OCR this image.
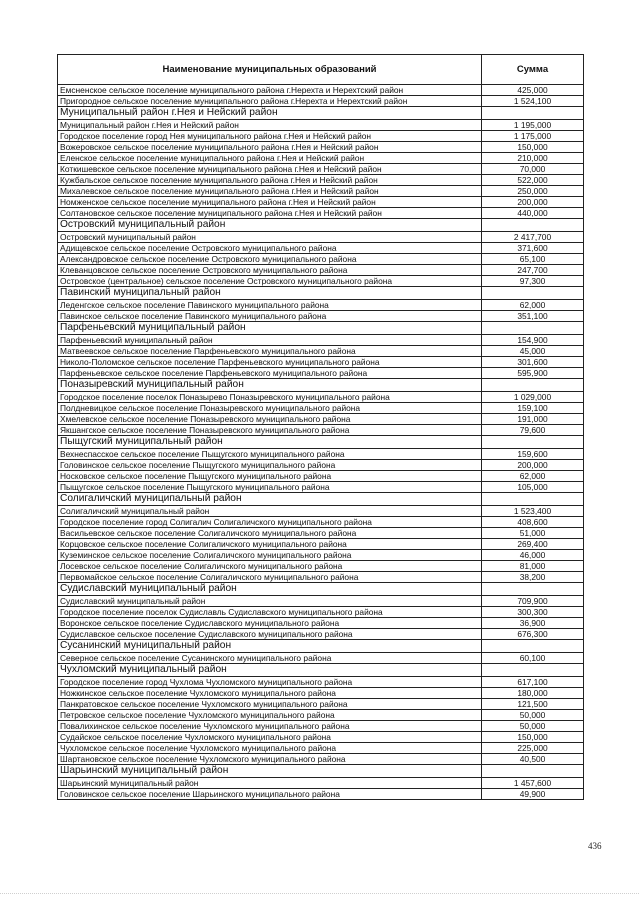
Наименование муниципальных образований	Сумма
Емсненское сельское поселение муниципального района г.Нерехта и Нерехтский район	425,000
Пригородное сельское поселение муниципального района г.Нерехта и Нерехтский район	1 524,100
Муниципальный район г.Нея и Нейский район	
Муниципальный район г.Нея и Нейский район	1 195,000
Городское поселение город Нея муниципального района г.Нея и Нейский район	1 175,000
Вожеровское сельское поселение муниципального района г.Нея и Нейский район	150,000
Еленское сельское поселение муниципального района г.Нея и Нейский район	210,000
Коткишевское сельское поселение муниципального района г.Нея и Нейский район	70,000
Кужбальское сельское поселение муниципального района г.Нея и Нейский район	522,000
Михалевское сельское поселение муниципального района г.Нея и Нейский район	250,000
Номженское сельское поселение муниципального района г.Нея и Нейский район	200,000
Солтановское сельское поселение муниципального района г.Нея и Нейский район	440,000
Островский муниципальный район	
Островский муниципальный район	2 417,700
Адищевское сельское поселение Островского муниципального района	371,600
Александровское сельское поселение Островского муниципального района	65,100
Клеванцовское сельское поселение Островского муниципального района	247,700
Островское (центральное) сельское поселение Островского муниципального района	97,300
Павинский муниципальный район	
Леденгское сельское поселение Павинского муниципального района	62,000
Павинское сельское поселение Павинского муниципального района	351,100
Парфеньевский муниципальный район	
Парфеньевский муниципальный район	154,900
Матвеевское сельское поселение Парфеньевского муниципального района	45,000
Николо-Поломское сельское поселение Парфеньевского муниципального района	301,600
Парфеньевское сельское поселение Парфеньевского муниципального района	595,900
Поназыревский муниципальный район	
Городское поселение поселок Поназырево Поназыревского муниципального района	1 029,000
Полдневицкое сельское поселение Поназыревского муниципального района	159,100
Хмелевское сельское поселение Поназыревского муниципального района	191,000
Якшангское сельское поселение Поназыревского муниципального района	79,600
Пыщугский муниципальный район	
Вехнеспасское сельское поселение Пыщугского муниципального района	159,600
Головинское сельское поселение Пыщугского муниципального района	200,000
Носковское сельское поселение Пыщугского муниципального района	62,000
Пыщугское сельское поселение Пыщугского муниципального района	105,000
Солигаличский муниципальный район	
Солигаличский муниципальный район	1 523,400
Городское поселение город Солигалич Солигаличского муниципального района	408,600
Васильевское сельское поселение Солигаличского муниципального района	51,000
Корцовское сельское поселение Солигаличского муниципального района	269,400
Куземинское сельское поселение Солигаличского муниципального района	46,000
Лосевское сельское поселение Солигаличского муниципального района	81,000
Первомайское сельское поселение Солигаличского муниципального района	38,200
Судиславский муниципальный район	
Судиславский муниципальный район	709,900
Городское поселение поселок Судиславль Судиславского муниципального района	300,300
Воронское сельское поселение Судиславского муниципального района	36,900
Судиславское сельское поселение Судиславского муниципального района	676,300
Сусанинский муниципальный район	
Северное сельское поселение Сусанинского муниципального района	60,100
Чухломский муниципальный район	
Городское поселение город Чухлома Чухломского муниципального района	617,100
Ножкинское сельское поселение Чухломского муниципального района	180,000
Панкратовское сельское поселение Чухломского муниципального района	121,500
Петровское сельское поселение Чухломского муниципального района	50,000
Повалихинское сельское поселение Чухломского муниципального района	50,000
Судайское сельское поселение Чухломского муниципального района	150,000
Чухломское сельское поселение Чухломского муниципального района	225,000
Шартановское сельское поселение Чухломского муниципального района	40,500
Шарьинский муниципальный район	
Шарьинский муниципальный район	1 457,600
Головинское сельское поселение Шарьинского муниципального района	49,900
436
